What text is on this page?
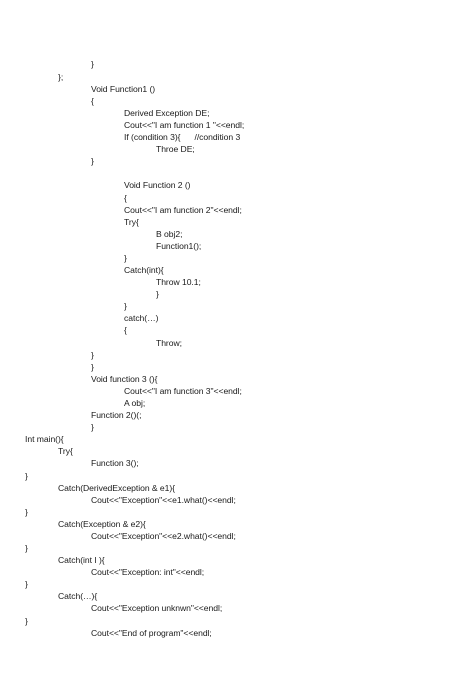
}
};
Void Function1 ()
{
Derived Exception DE;
Cout<<"I am function 1 "<<endl;
If (condition 3){      //condition 3
Throe DE;
}
Void Function 2 ()
{
Cout<<"I am function 2"<<endl;
Try{
B obj2;
Function1();
}
Catch(int){
Throw 10.1;
}
}
catch(…)
{
Throw;
}
}
Void function 3 (){
Cout<<"I am function 3"<<endl;
A obj;
Function 2()(;
}
Int main(){
Try{
Function 3();
}
Catch(DerivedException & e1){
Cout<<"Exception"<<e1.what()<<endl;
}
Catch(Exception & e2){
Cout<<"Exception"<<e2.what()<<endl;
}
Catch(int I ){
Cout<<"Exception: int"<<endl;
}
Catch(…){
Cout<<"Exception unknwn"<<endl;
}
Cout<<"End of program"<<endl;
